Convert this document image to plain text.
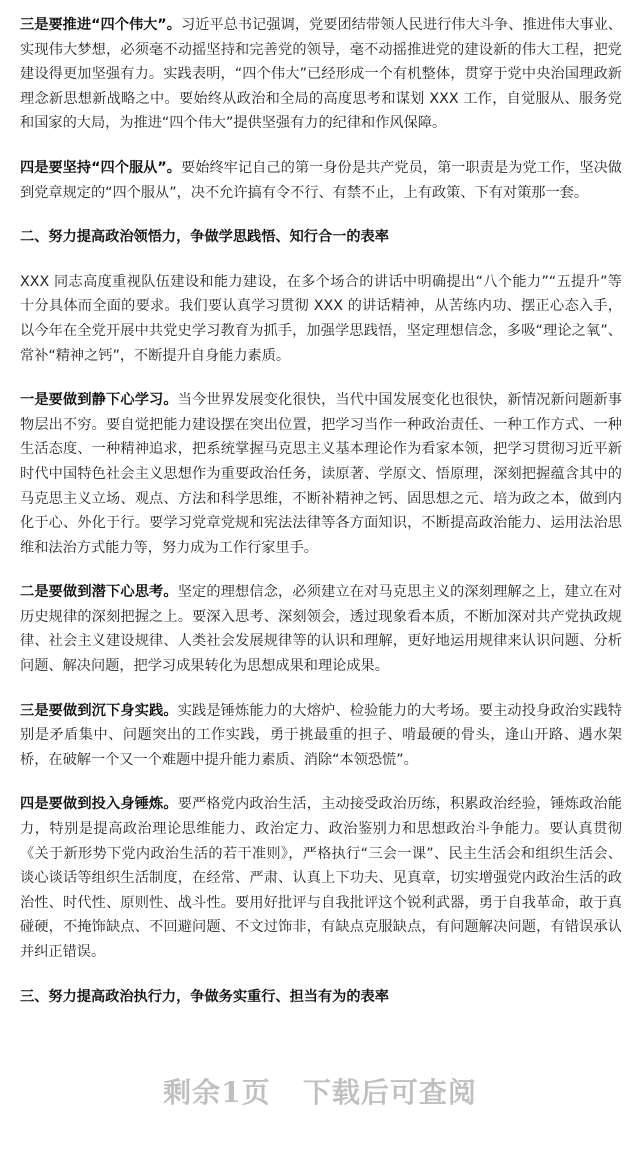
三是要推进“四个伟大”。习近平总书记强调，党要团结带领人民进行伟大斗争、推进伟大事业、实现伟大梦想，必须毫不动摇坚持和完善党的领导，毫不动摇推进党的建设新的伟大工程，把党建设得更加坚强有力。实践表明，“四个伟大”已经形成一个有机整体，贯穿于党中央治国理政新理念新思想新战略之中。要始终从政治和全局的高度思考和谋划 XXX 工作，自觉服从、服务党和国家的大局，为推进“四个伟大”提供坚强有力的纪律和作风保障。

四是要坚持“四个服从”。要始终牢记自己的第一身份是共产党员，第一职责是为党工作，坚决做到党章规定的“四个服从”，决不允许搞有令不行、有禁不止，上有政策、下有对策那一套。

二、努力提高政治领悟力，争做学思践悟、知行合一的表率

XXX 同志高度重视队伍建设和能力建设，在多个场合的讲话中明确提出“八个能力”“五提升”等十分具体而全面的要求。我们要认真学习贯彻 XXX 的讲话精神，从苦练内功、摆正心态入手，以今年在全党开展中共党史学习教育为抓手，加强学思践悟，坚定理想信念，多吸“理论之氧”、常补“精神之钙”，不断提升自身能力素质。

一是要做到静下心学习。当今世界发展变化很快，当代中国发展变化也很快，新情况新问题新事物层出不穷。要自觉把能力建设摆在突出位置，把学习当作一种政治责任、一种工作方式、一种生活态度、一种精神追求，把系统掌握马克思主义基本理论作为看家本领，把学习贯彻习近平新时代中国特色社会主义思想作为重要政治任务，读原著、学原文、悟原理，深刻把握蕴含其中的马克思主义立场、观点、方法和科学思维，不断补精神之钙、固思想之元、培为政之本，做到内化于心、外化于行。要学习党章党规和宪法法律等各方面知识，不断提高政治能力、运用法治思维和法治方式能力等，努力成为工作行家里手。

二是要做到潜下心思考。坚定的理想信念，必须建立在对马克思主义的深刻理解之上，建立在对历史规律的深刻把握之上。要深入思考、深刻领会，透过现象看本质，不断加深对共产党执政规律、社会主义建设规律、人类社会发展规律等的认识和理解，更好地运用规律来认识问题、分析问题、解决问题，把学习成果转化为思想成果和理论成果。

三是要做到沉下身实践。实践是锤炼能力的大熔炉、检验能力的大考场。要主动投身政治实践特别是矛盾集中、问题突出的工作实践，勇于挑最重的担子、啃最硬的骨头，逢山开路、遇水架桥，在破解一个又一个难题中提升能力素质、消除“本领恐慌”。

四是要做到投入身锤炼。要严格党内政治生活，主动接受政治历练，积累政治经验，锤炼政治能 力，特别是提高政治理论思维能力、政治定力、政治鉴别力和思想政治斗争能力。要认真贯彻《关于新形势下党内政治生活的若干准则》，严格执行“三会一课”、民主生活会和组织生活会、谈心谈话等组织生活制度，在经常、严肃、认真上下功夫、见真章，切实增强党内政治生活的政治性、时代性、原则性、战斗性。要用好批评与自我批评这个锐利武器，勇于自我革命，敢于真碰硬，不掩饰缺点、不回避问题、不文过饰非，有缺点克服缺点，有问题解决问题，有错误承认并纠正错误。

三、努力提高政治执行力，争做务实重行、担当有为的表率
剩余1页   下载后可查阅
